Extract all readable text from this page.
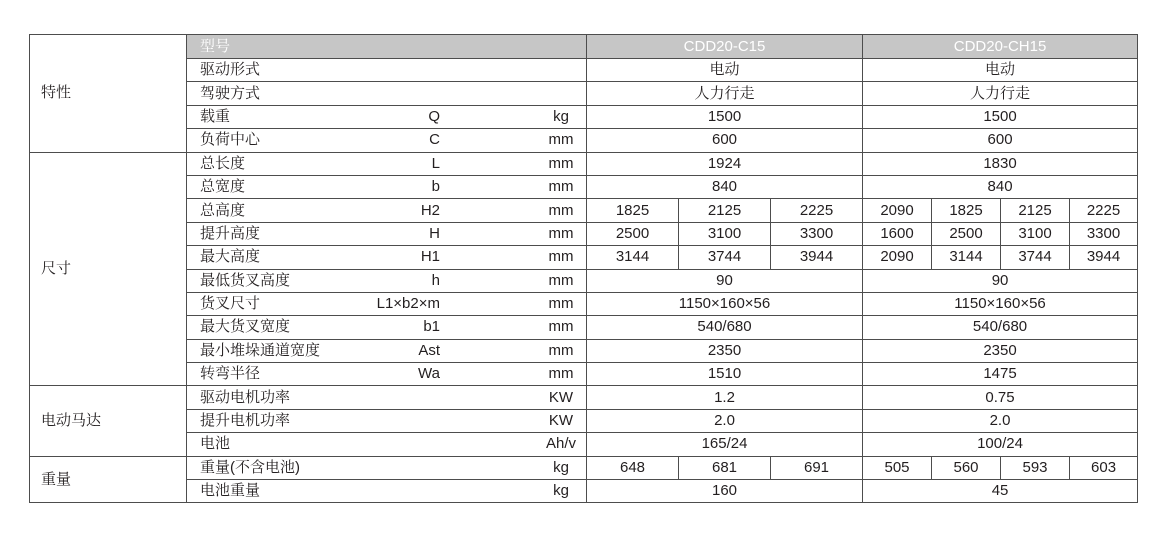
特性	型号	CDD20-C15			CDD20-CH15			

	驱动形式	电动			电动			

	驾驶方式	人力行走			人力行走			

	载重 Q kg	1500			1500			

	负荷中心 C mm	600			600			
尺寸	总长度 L mm	1924			1830			

	总宽度 b mm	840			840			

	总高度 H2 mm	1825	2125	2225	2090	1825	2125	2225

	提升高度 H mm	2500	3100	3300	1600	2500	3100	3300

	最大高度 H1 mm	3144	3744	3944	2090	3144	3744	3944

	最低货叉高度 h mm	90			90			

	货叉尺寸 L1×b2×m mm	1150×160×56			1150×160×56			

	最大货叉宽度 b1 mm	540/680			540/680			

	最小堆垛通道宽度 Ast mm	2350			2350			

	转弯半径 Wa mm	1510			1475			
电动马达	驱动电机功率 KW	1.2			0.75			

	提升电机功率 KW	2.0			2.0			

	电池 Ah/v	165/24			100/24			
重量	重量(不含电池) kg	648	681	691	505	560	593	603

	电池重量 kg	160			45			
